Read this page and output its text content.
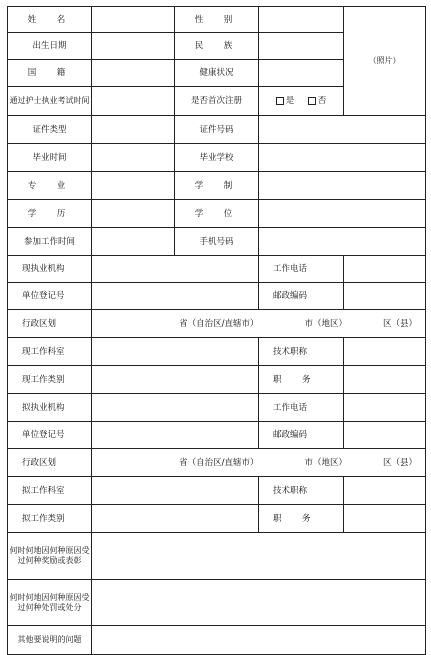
姓　名		性　别		（照片）
出生日期		民　族		
国　籍		健康状况		
通过护士执业考试时间		是否首次注册	是 否	
证件类型		证件号码		
毕业时间		毕业学校		
专　业		学　制		
学　历		学　位		
参加工作时间		手机号码		
现执业机构			工作电话	
单位登记号			邮政编码	
行政区划	省（自治区/直辖市） 市（地区） 区（县）			

现工作科室			技术职称	
现工作类别			职　务	
拟执业机构			工作电话	
单位登记号			邮政编码	
行政区划	省（自治区/直辖市） 市（地区） 区（县）			

拟工作科室			技术职称	
拟工作类别			职　务	
何时何地因何种原因受过何种奖励或表彰				
何时何地因何种原因受过何种处罚或处分				
其他要说明的问题				
